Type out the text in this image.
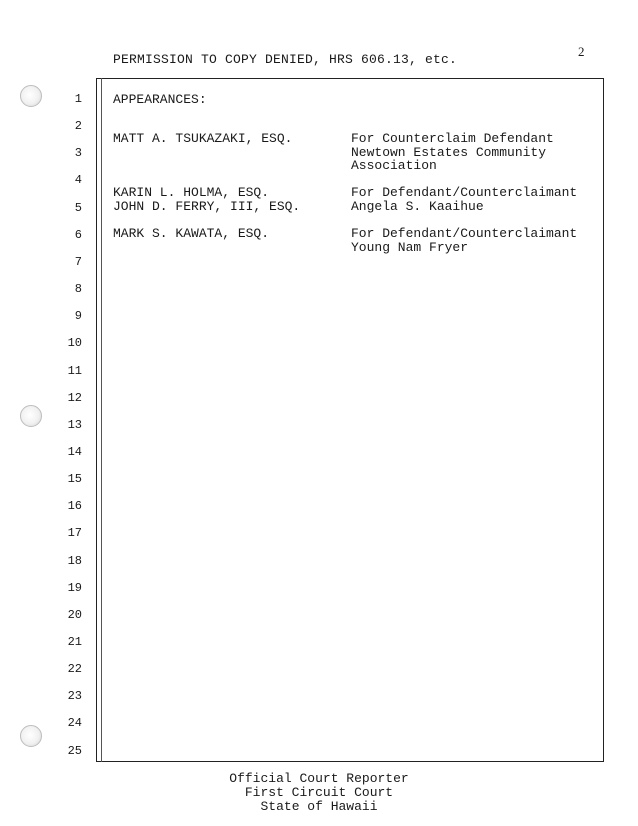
2
PERMISSION TO COPY DENIED, HRS 606.13, etc.
1
2
3
4
5
6
7
8
9
10
11
12
13
14
15
16
17
18
19
20
21
22
23
24
25
APPEARANCES:
MATT A. TSUKAZAKI, ESQ.	For Counterclaim Defendant
Newtown Estates Community
Association
KARIN L. HOLMA, ESQ.	For Defendant/Counterclaimant
JOHN D. FERRY, III, ESQ.	Angela S. Kaaihue
MARK S. KAWATA, ESQ.	For Defendant/Counterclaimant
Young Nam Fryer
Official Court Reporter
First Circuit Court
State of Hawaii
